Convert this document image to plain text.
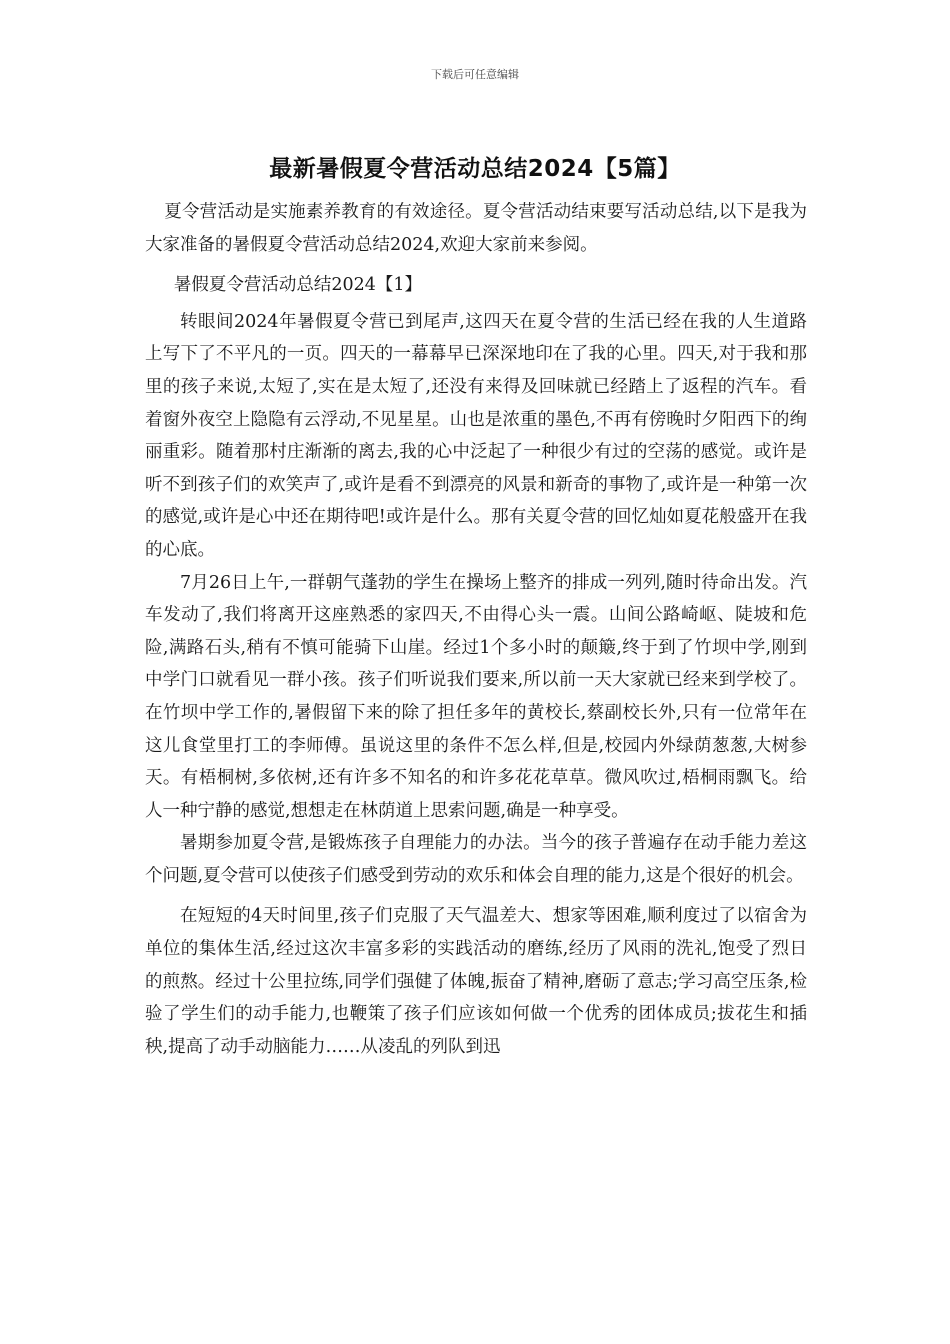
下载后可任意编辑
最新暑假夏令营活动总结2024【5篇】

夏令营活动是实施素养教育的有效途径。夏令营活动结束要写活动总结,以下是我为大家准备的暑假夏令营活动总结2024,欢迎大家前来参阅。

暑假夏令营活动总结2024【1】

转眼间2024年暑假夏令营已到尾声,这四天在夏令营的生活已经在我的人生道路上写下了不平凡的一页。四天的一幕幕早已深深地印在了我的心里。四天,对于我和那里的孩子来说,太短了,实在是太短了,还没有来得及回味就已经踏上了返程的汽车。看着窗外夜空上隐隐有云浮动,不见星星。山也是浓重的墨色,不再有傍晚时夕阳西下的绚丽重彩。随着那村庄渐渐的离去,我的心中泛起了一种很少有过的空荡的感觉。或许是听不到孩子们的欢笑声了,或许是看不到漂亮的风景和新奇的事物了,或许是一种第一次的感觉,或许是心中还在期待吧!或许是什么。那有关夏令营的回忆灿如夏花般盛开在我的心底。

7月26日上午,一群朝气蓬勃的学生在操场上整齐的排成一列列,随时待命出发。汽车发动了,我们将离开这座熟悉的家四天,不由得心头一震。山间公路崎岖、陡坡和危险,满路石头,稍有不慎可能骑下山崖。经过1个多小时的颠簸,终于到了竹坝中学,刚到中学门口就看见一群小孩。孩子们听说我们要来,所以前一天大家就已经来到学校了。在竹坝中学工作的,暑假留下来的除了担任多年的黄校长,蔡副校长外,只有一位常年在这儿食堂里打工的李师傅。虽说这里的条件不怎么样,但是,校园内外绿荫葱葱,大树参天。有梧桐树,多依树,还有许多不知名的和许多花花草草。微风吹过,梧桐雨飘飞。给人一种宁静的感觉,想想走在林荫道上思索问题,确是一种享受。

暑期参加夏令营,是锻炼孩子自理能力的办法。当今的孩子普遍存在动手能力差这个问题,夏令营可以使孩子们感受到劳动的欢乐和体会自理的能力,这是个很好的机会。

在短短的4天时间里,孩子们克服了天气温差大、想家等困难,顺利度过了以宿舍为单位的集体生活,经过这次丰富多彩的实践活动的磨练,经历了风雨的洗礼,饱受了烈日的煎熬。经过十公里拉练,同学们强健了体魄,振奋了精神,磨砺了意志;学习高空压条,检验了学生们的动手能力,也鞭策了孩子们应该如何做一个优秀的团体成员;拔花生和插秧,提高了动手动脑能力……从凌乱的列队到迅
